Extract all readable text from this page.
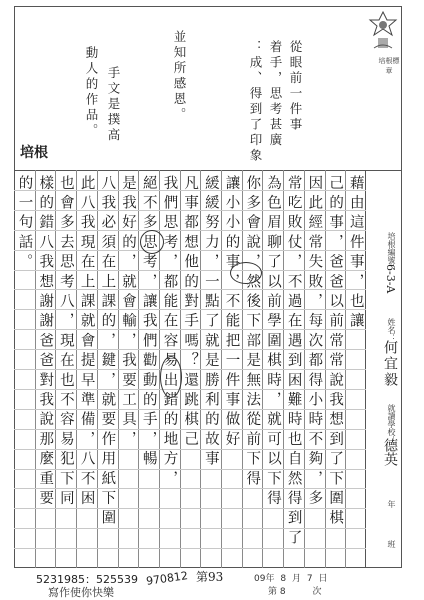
培根標章
從眼前一件事
着手，思考甚廣
：成、得到了印象
並知所感恩。
手文是撲高
動人的作品。
培根
培根編號：
6-3-A
姓名：
何宜毅
就讀學校：
德英
年
班
藉由這件事，也讓
己的事，爸爸以前常常說我想到了下圍棋
因此經常失敗，每次都得小時不夠，多
常吃敗仗，不過在遇到困難時也自然得到了
為色眉聊了以前學圍棋時，就可以下得
你多會說，然後下部是無法從前下得
讓小小的事，不能把一件事做好
緩緩努力，一點了就是勝利的故事
凡事都想他的對手嗎？還跳棋己
我們思考，都能在容易出錯的地方，
絕不多思考，讓我們勸動的手，暢
是我好的，就會輸，我要工具，
八我必須在上課的，鍵，就要作用紙下圍
此八我現在上課就會提早準備，八不困
也會多去思考八，現在也不容易犯下同
樣的錯八我想謝謝爸爸對我說那麼重要
的一句話。
5231985：525539
寫作使你快樂
970812 第93	09年 8 月 7 日
第 8	次
